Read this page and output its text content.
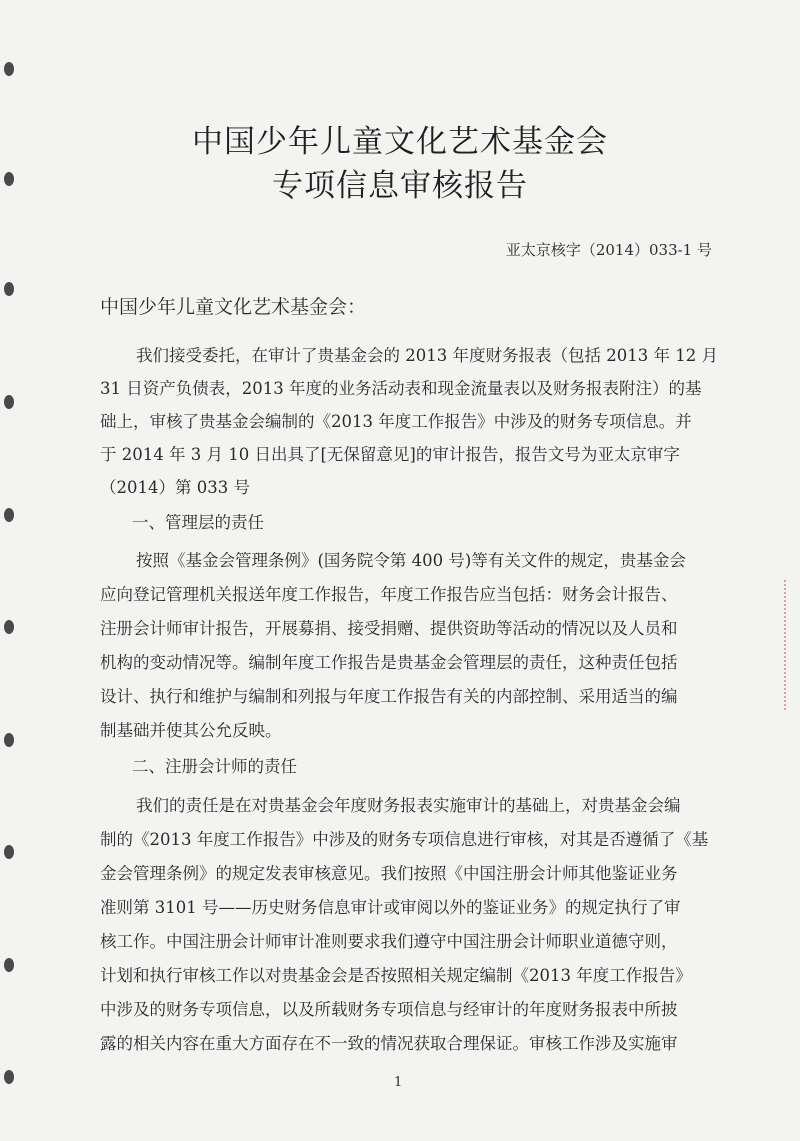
中国少年儿童文化艺术基金会
专项信息审核报告
亚太京核字（2014）033-1 号
中国少年儿童文化艺术基金会：
我们接受委托，在审计了贵基金会的 2013 年度财务报表（包括 2013 年 12 月
31 日资产负债表，2013 年度的业务活动表和现金流量表以及财务报表附注）的基
础上，审核了贵基金会编制的《2013 年度工作报告》中涉及的财务专项信息。并
于 2014 年 3 月 10 日出具了[无保留意见]的审计报告，报告文号为亚太京审字
（2014）第 033 号
一、管理层的责任
按照《基金会管理条例》(国务院令第 400 号)等有关文件的规定，贵基金会
应向登记管理机关报送年度工作报告，年度工作报告应当包括：财务会计报告、
注册会计师审计报告，开展募捐、接受捐赠、提供资助等活动的情况以及人员和
机构的变动情况等。编制年度工作报告是贵基金会管理层的责任，这种责任包括
设计、执行和维护与编制和列报与年度工作报告有关的内部控制、采用适当的编
制基础并使其公允反映。
二、注册会计师的责任
我们的责任是在对贵基金会年度财务报表实施审计的基础上，对贵基金会编
制的《2013 年度工作报告》中涉及的财务专项信息进行审核，对其是否遵循了《基
金会管理条例》的规定发表审核意见。我们按照《中国注册会计师其他鉴证业务
准则第 3101 号——历史财务信息审计或审阅以外的鉴证业务》的规定执行了审
核工作。中国注册会计师审计准则要求我们遵守中国注册会计师职业道德守则，
计划和执行审核工作以对贵基金会是否按照相关规定编制《2013 年度工作报告》
中涉及的财务专项信息，以及所载财务专项信息与经审计的年度财务报表中所披
露的相关内容在重大方面存在不一致的情况获取合理保证。审核工作涉及实施审
1
